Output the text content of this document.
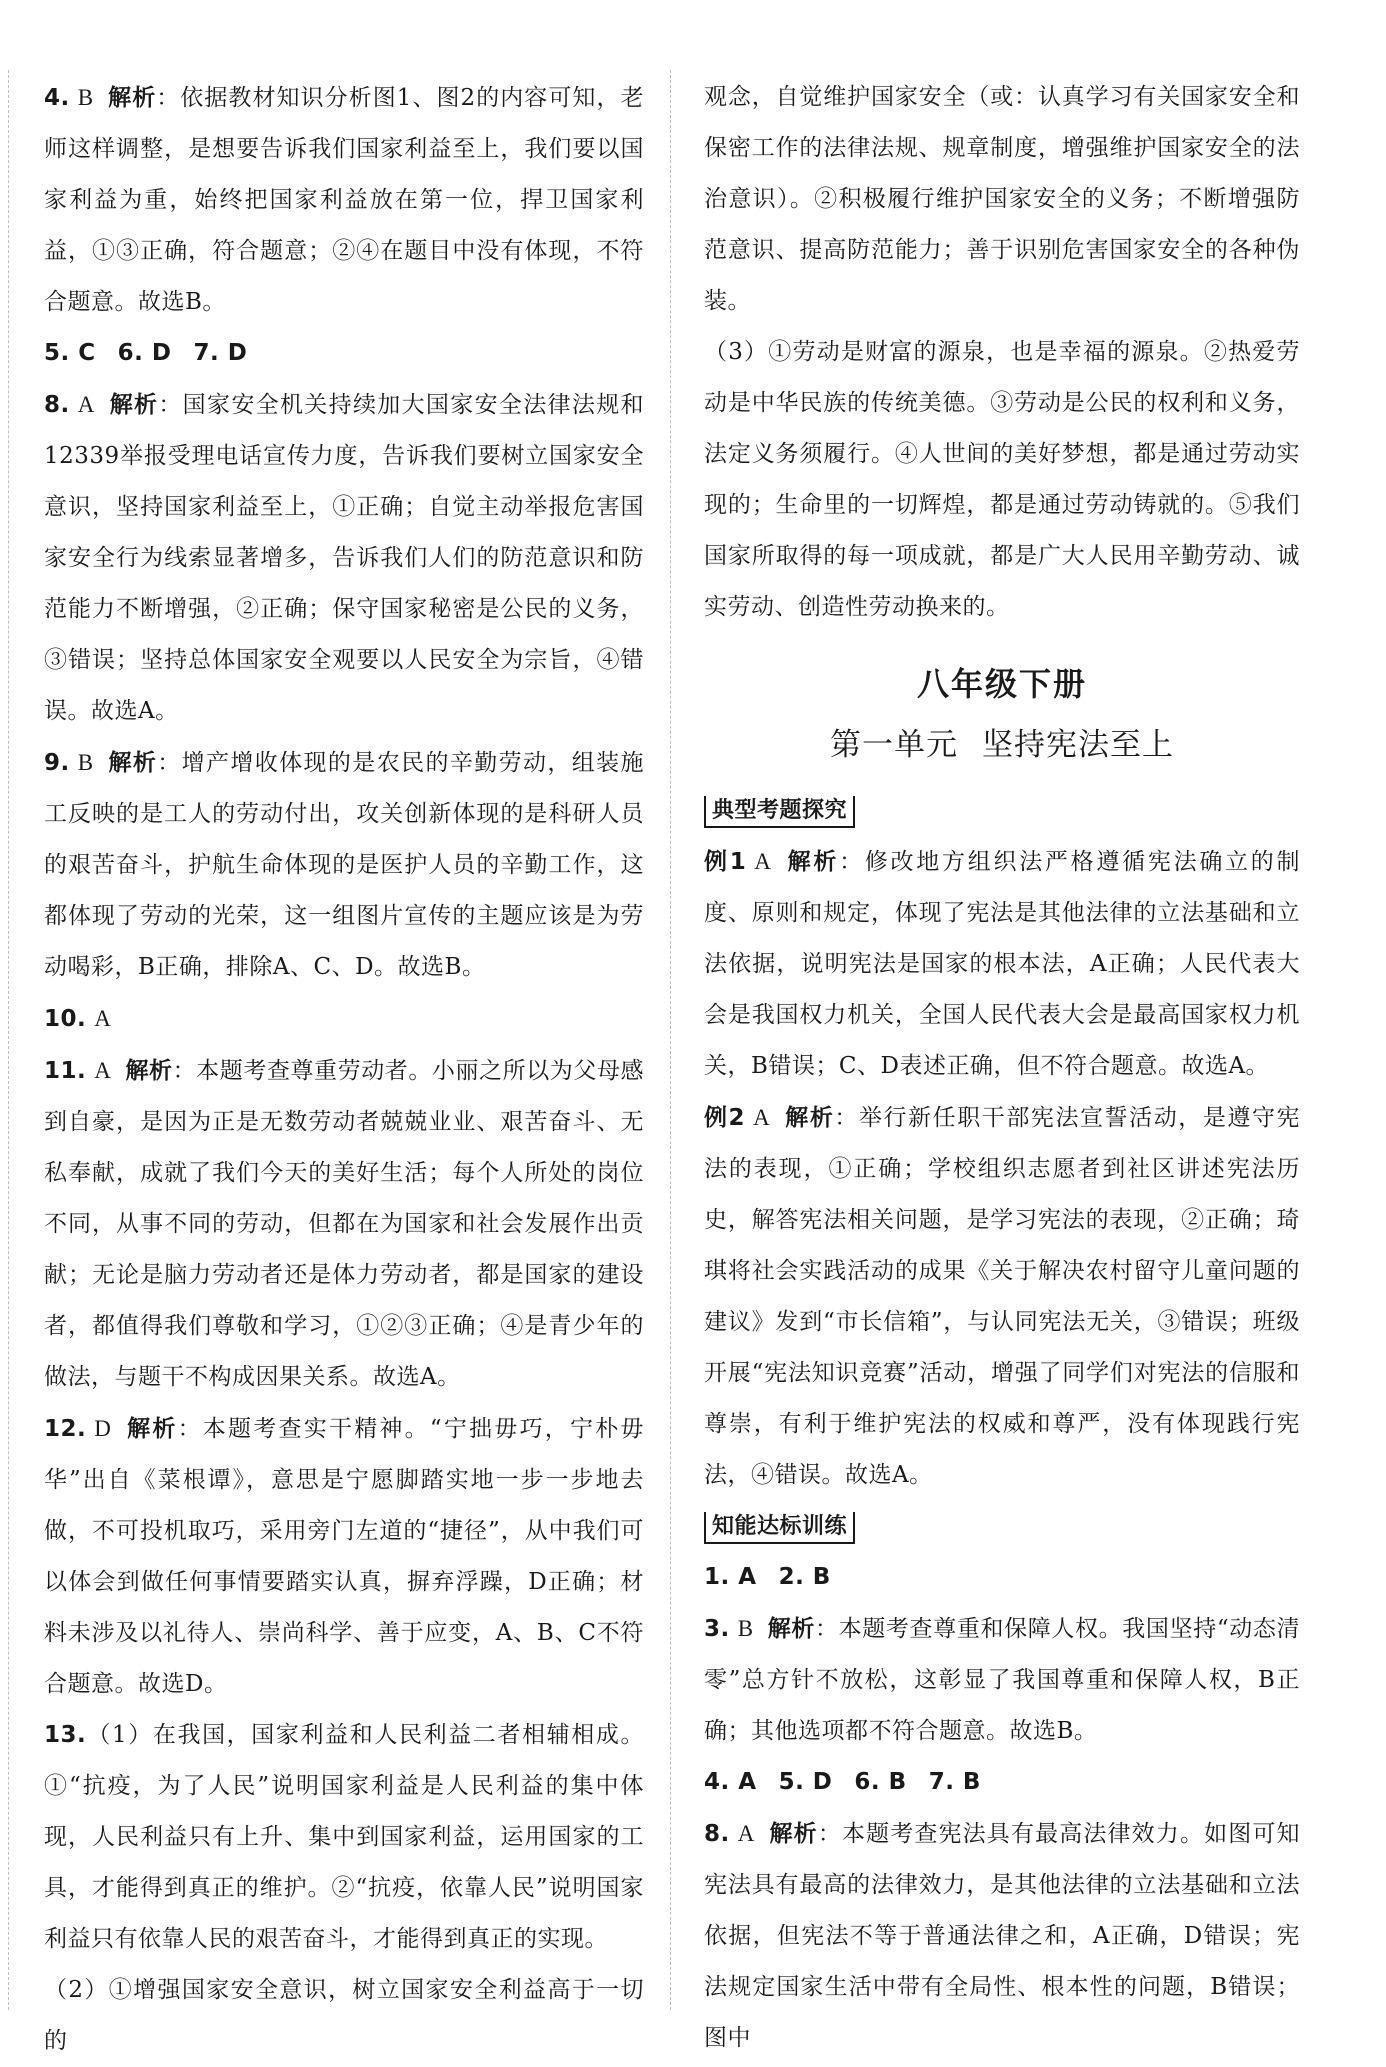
4. B 解析：依据教材知识分析图1、图2的内容可知，老师这样调整，是想要告诉我们国家利益至上，我们要以国家利益为重，始终把国家利益放在第一位，捍卫国家利益，①③正确，符合题意；②④在题目中没有体现，不符合题意。故选B。

5. C 6. D 7. D

8. A 解析：国家安全机关持续加大国家安全法律法规和12339举报受理电话宣传力度，告诉我们要树立国家安全意识，坚持国家利益至上，①正确；自觉主动举报危害国家安全行为线索显著增多，告诉我们人们的防范意识和防范能力不断增强，②正确；保守国家秘密是公民的义务，③错误；坚持总体国家安全观要以人民安全为宗旨，④错误。故选A。

9. B 解析：增产增收体现的是农民的辛勤劳动，组装施工反映的是工人的劳动付出，攻关创新体现的是科研人员的艰苦奋斗，护航生命体现的是医护人员的辛勤工作，这都体现了劳动的光荣，这一组图片宣传的主题应该是为劳动喝彩，B正确，排除A、C、D。故选B。

10. A

11. A 解析：本题考查尊重劳动者。小丽之所以为父母感到自豪，是因为正是无数劳动者兢兢业业、艰苦奋斗、无私奉献，成就了我们今天的美好生活；每个人所处的岗位不同，从事不同的劳动，但都在为国家和社会发展作出贡献；无论是脑力劳动者还是体力劳动者，都是国家的建设者，都值得我们尊敬和学习，①②③正确；④是青少年的做法，与题干不构成因果关系。故选A。

12. D 解析：本题考查实干精神。“宁拙毋巧，宁朴毋华”出自《菜根谭》，意思是宁愿脚踏实地一步一步地去做，不可投机取巧，采用旁门左道的“捷径”，从中我们可以体会到做任何事情要踏实认真，摒弃浮躁，D正确；材料未涉及以礼待人、崇尚科学、善于应变，A、B、C不符合题意。故选D。

13.（1）在我国，国家利益和人民利益二者相辅相成。①“抗疫，为了人民”说明国家利益是人民利益的集中体现，人民利益只有上升、集中到国家利益，运用国家的工具，才能得到真正的维护。②“抗疫，依靠人民”说明国家利益只有依靠人民的艰苦奋斗，才能得到真正的实现。

（2）①增强国家安全意识，树立国家安全利益高于一切的

观念，自觉维护国家安全（或：认真学习有关国家安全和保密工作的法律法规、规章制度，增强维护国家安全的法治意识）。②积极履行维护国家安全的义务；不断增强防范意识、提高防范能力；善于识别危害国家安全的各种伪装。

（3）①劳动是财富的源泉，也是幸福的源泉。②热爱劳动是中华民族的传统美德。③劳动是公民的权利和义务，法定义务须履行。④人世间的美好梦想，都是通过劳动实现的；生命里的一切辉煌，都是通过劳动铸就的。⑤我们国家所取得的每一项成就，都是广大人民用辛勤劳动、诚实劳动、创造性劳动换来的。

八年级下册
第一单元 坚持宪法至上
典型考题探究

例1 A 解析：修改地方组织法严格遵循宪法确立的制度、原则和规定，体现了宪法是其他法律的立法基础和立法依据，说明宪法是国家的根本法，A正确；人民代表大会是我国权力机关，全国人民代表大会是最高国家权力机关，B错误；C、D表述正确，但不符合题意。故选A。

例2 A 解析：举行新任职干部宪法宣誓活动，是遵守宪法的表现，①正确；学校组织志愿者到社区讲述宪法历史，解答宪法相关问题，是学习宪法的表现，②正确；琦琪将社会实践活动的成果《关于解决农村留守儿童问题的建议》发到“市长信箱”，与认同宪法无关，③错误；班级开展“宪法知识竞赛”活动，增强了同学们对宪法的信服和尊崇，有利于维护宪法的权威和尊严，没有体现践行宪法，④错误。故选A。

知能达标训练

1. A 2. B

3. B 解析：本题考查尊重和保障人权。我国坚持“动态清零”总方针不放松，这彰显了我国尊重和保障人权，B正确；其他选项都不符合题意。故选B。

4. A 5. D 6. B 7. B

8. A 解析：本题考查宪法具有最高法律效力。如图可知宪法具有最高的法律效力，是其他法律的立法基础和立法依据，但宪法不等于普通法律之和，A正确，D错误；宪法规定国家生活中带有全局性、根本性的问题，B错误；图中
